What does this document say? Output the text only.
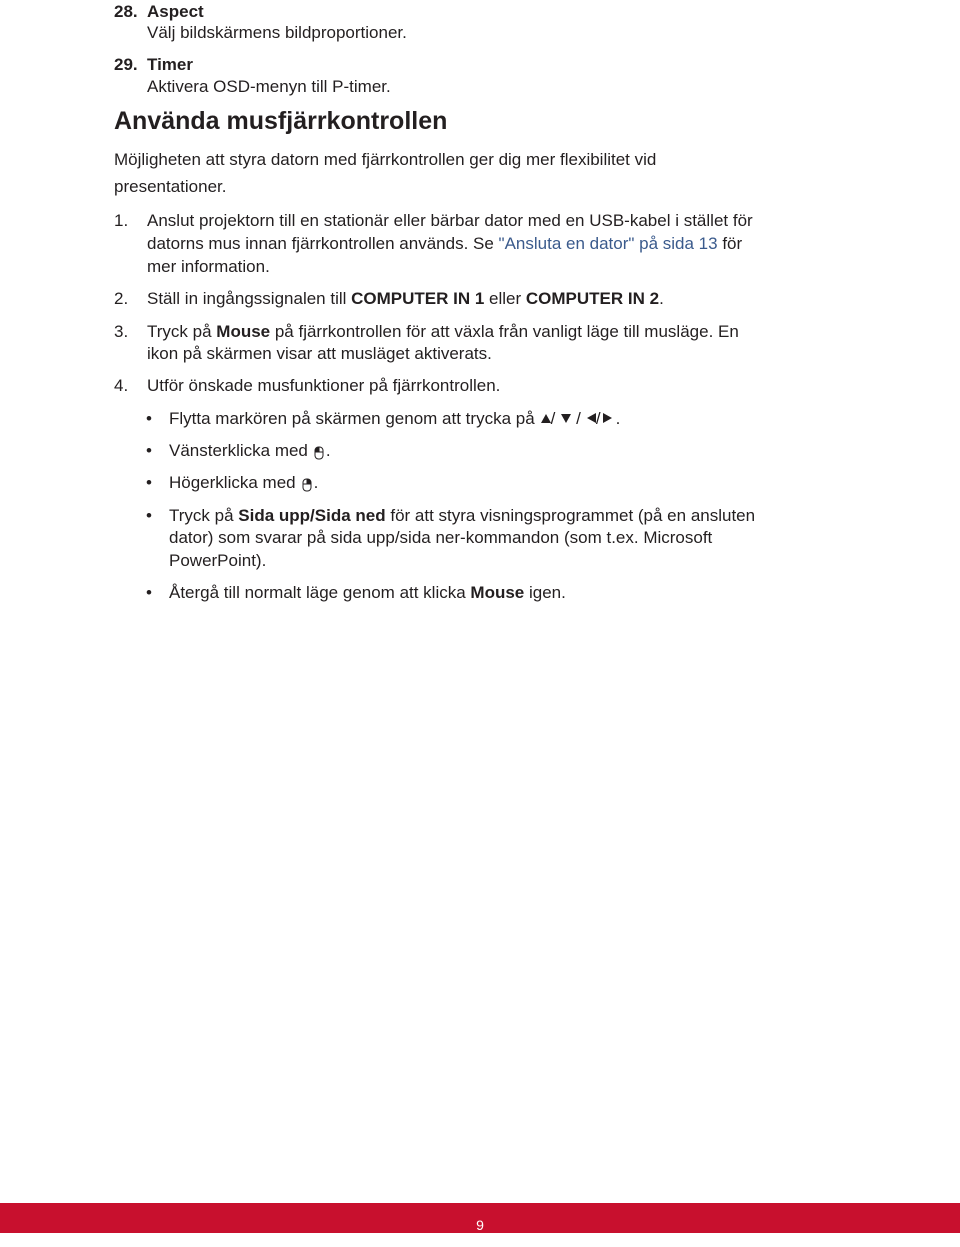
28. Aspect
Välj bildskärmens bildproportioner.
29. Timer
Aktivera OSD-menyn till P-timer.
Använda musfjärrkontrollen
Möjligheten att styra datorn med fjärrkontrollen ger dig mer flexibilitet vid
presentationer.
1. Anslut projektorn till en stationär eller bärbar dator med en USB-kabel i stället för
datorns mus innan fjärrkontrollen används. Se "Ansluta en dator" på sida 13 för
mer information.
2. Ställ in ingångssignalen till COMPUTER IN 1 eller COMPUTER IN 2.
3. Tryck på Mouse på fjärrkontrollen för att växla från vanligt läge till musläge. En
ikon på skärmen visar att musläget aktiverats.
4. Utför önskade musfunktioner på fjärrkontrollen.
• Flytta markören på skärmen genom att trycka på / / / .
• Vänsterklicka med .
• Högerklicka med .
• Tryck på Sida upp/Sida ned för att styra visningsprogrammet (på en ansluten
dator) som svarar på sida upp/sida ner-kommandon (som t.ex. Microsoft
PowerPoint).
• Återgå till normalt läge genom att klicka Mouse igen.
9
